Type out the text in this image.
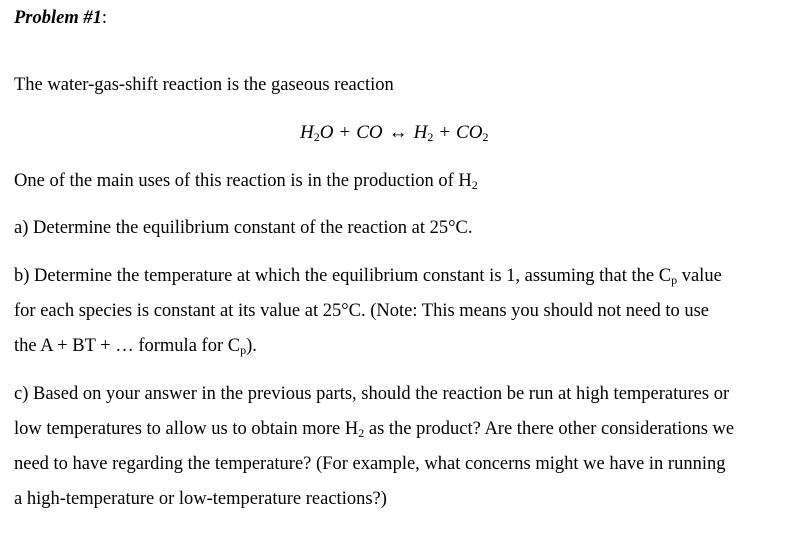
Problem #1:
The water-gas-shift reaction is the gaseous reaction
$H_2O$ + CO ↔ $H_2 + CO_2$
One of the main uses of this reaction is in the production of $H_2$
a) Determine the equilibrium constant of the reaction at 25°C.
b) Determine the temperature at which the equilibrium constant is 1, assuming that the $C_p$ value
for each species is constant at its value at 25°C. (Note: This means you should not need to use
the A + BT + … formula for $C_p$).
c) Based on your answer in the previous parts, should the reaction be run at high temperatures or
low temperatures to allow us to obtain more $H_2$ as the product? Are there other considerations we
need to have regarding the temperature? (For example, what concerns might we have in running
a high-temperature or low-temperature reactions?)
